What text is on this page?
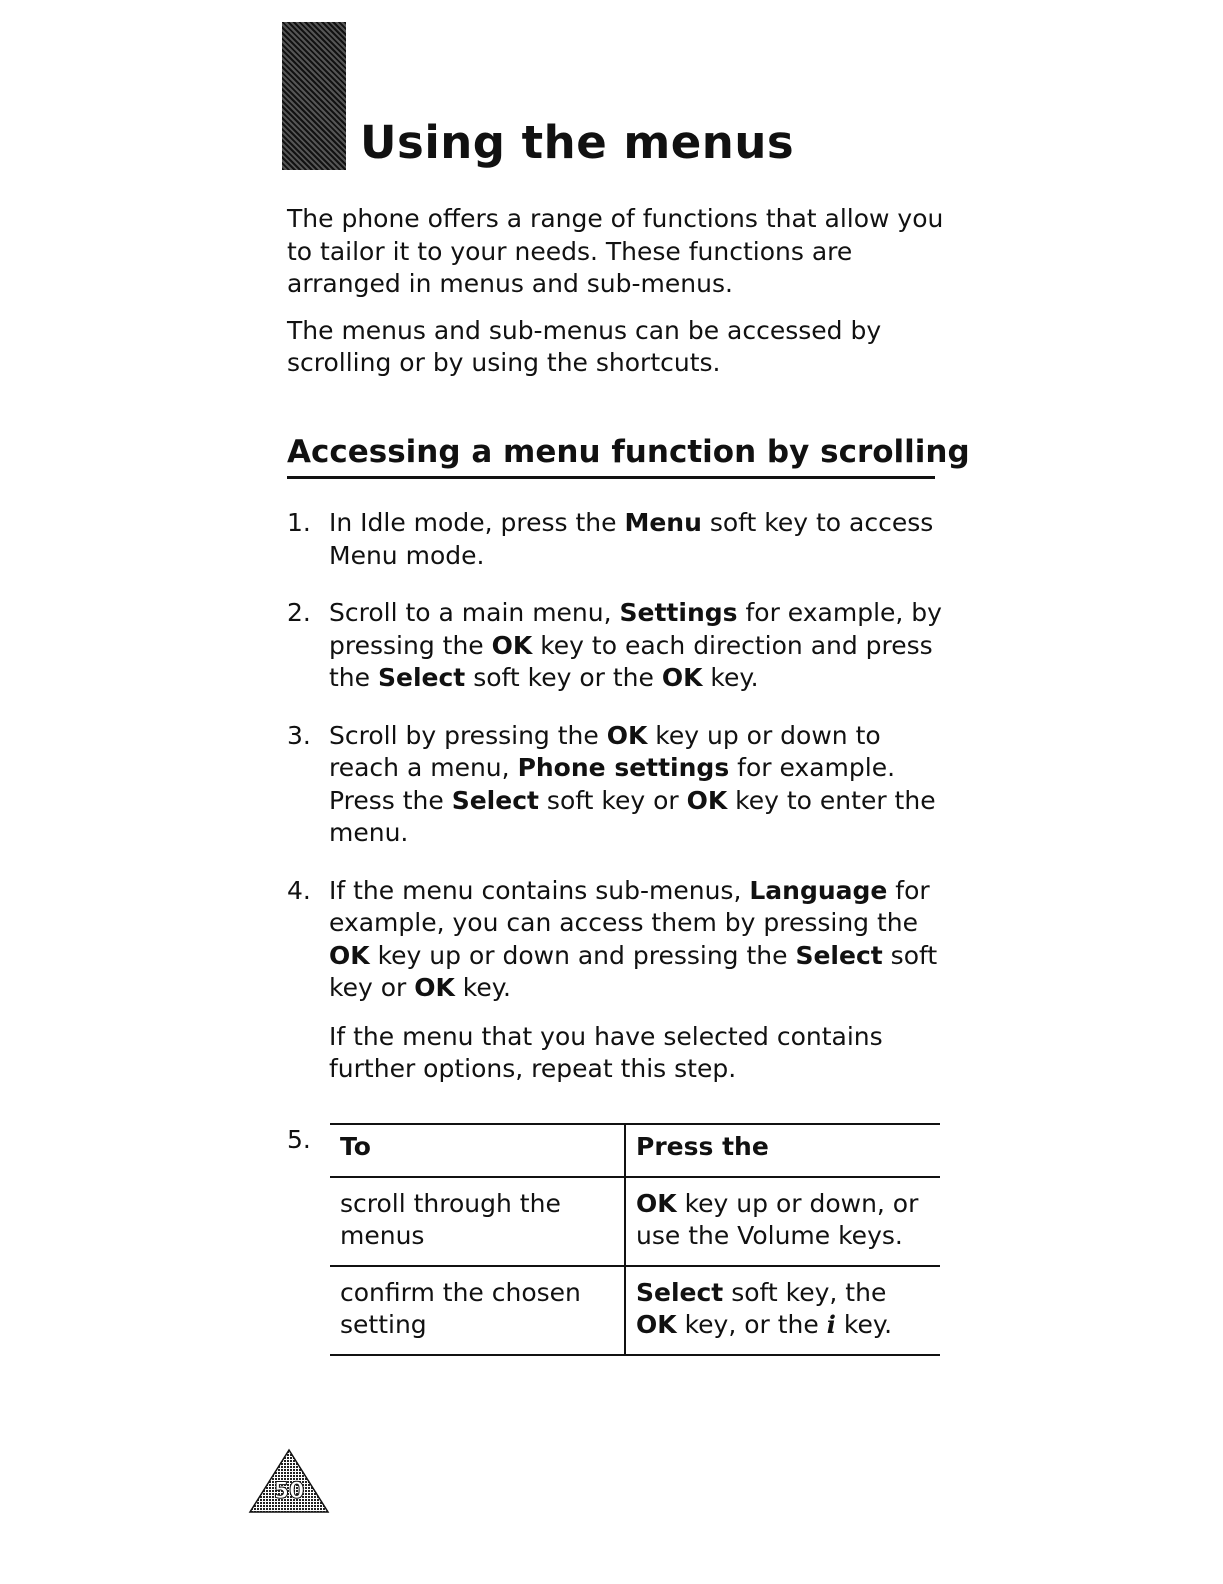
Using the menus

The phone offers a range of functions that allow you to tailor it to your needs. These functions are arranged in menus and sub-menus.

The menus and sub-menus can be accessed by scrolling or by using the shortcuts.

Accessing a menu function by scrolling
1. In Idle mode, press the Menu soft key to access Menu mode.
2. Scroll to a main menu, Settings for example, by pressing the OK key to each direction and press the Select soft key or the OK key.
3. Scroll by pressing the OK key up or down to reach a menu, Phone settings for example. Press the Select soft key or OK key to enter the menu.
4. If the menu contains sub-menus, Language for example, you can access them by pressing the OK key up or down and pressing the Select soft key or OK key.

If the menu that you have selected contains further options, repeat this step.

5. To	Press the
scroll through the menus	OK key up or down, or use the Volume keys.
confirm the chosen setting	Select soft key, the OK key, or the i key.
50
